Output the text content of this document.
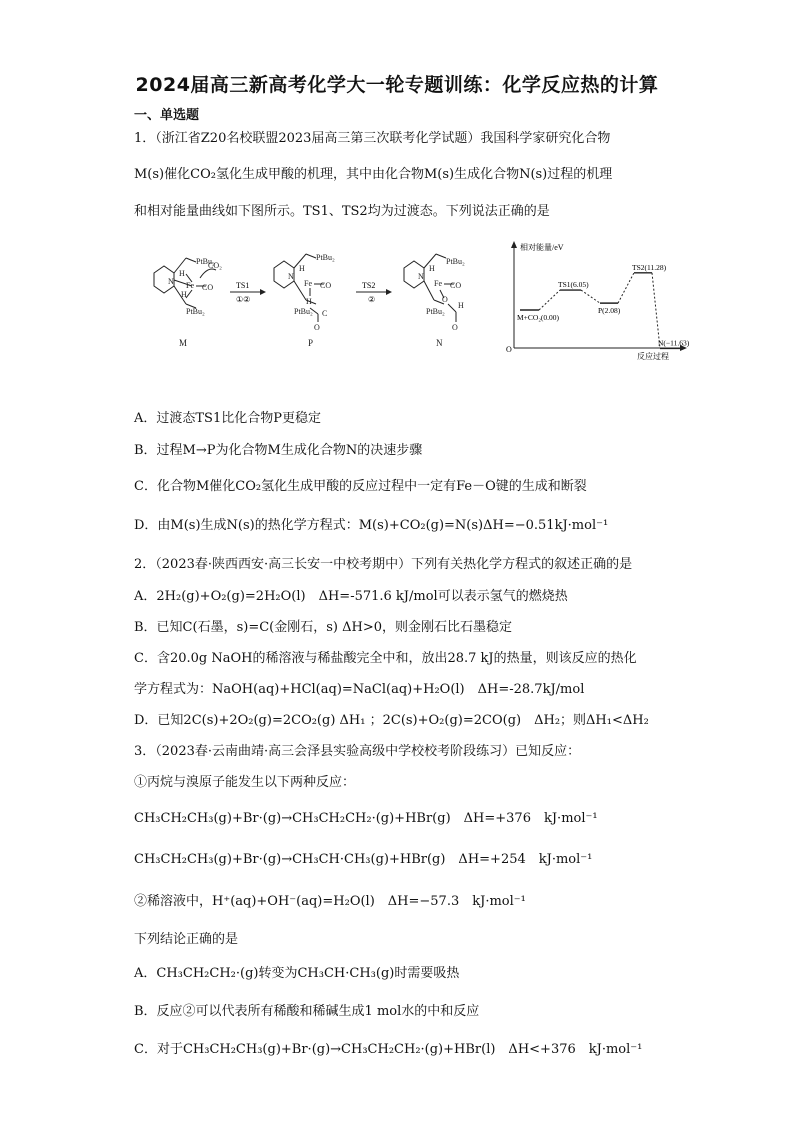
2024届高三新高考化学大一轮专题训练：化学反应热的计算
一、单选题
1．（浙江省Z20名校联盟2023届高三第三次联考化学试题）我国科学家研究化合物
M(s)催化CO₂氢化生成甲酸的机理，其中由化合物M(s)生成化合物N(s)过程的机理
和相对能量曲线如下图所示。TS1、TS2均为过渡态。下列说法正确的是
PtBu₂
H
N Fe CO
H
CO₂
PtBu₂
M
TS1
①②
PtBu₂
H
N
Fe CO
H
PtBu₂ C
O
P
TS2
②
PtBu₂
H
N
Fe CO
O
PtBu₂
H
O
N
相对能量/eV
反应过程
O
M+CO₂(0.00)
TS1(6.05)
P(2.08)
TS2(11.28)
N(−11.63)
A．过渡态TS1比化合物P更稳定
B．过程M→P为化合物M生成化合物N的决速步骤
C．化合物M催化CO₂氢化生成甲酸的反应过程中一定有Fe－O键的生成和断裂
D．由M(s)生成N(s)的热化学方程式：M(s)+CO₂(g)=N(s)ΔH=−0.51kJ·mol⁻¹
2．（2023春·陕西西安·高三长安一中校考期中）下列有关热化学方程式的叙述正确的是
A．2H₂(g)+O₂(g)=2H₂O(l)　ΔH=-571.6 kJ/mol可以表示氢气的燃烧热
B．已知C(石墨，s)=C(金刚石，s) ΔH>0，则金刚石比石墨稳定
C．含20.0g NaOH的稀溶液与稀盐酸完全中和，放出28.7 kJ的热量，则该反应的热化
学方程式为：NaOH(aq)+HCl(aq)=NaCl(aq)+H₂O(l)　ΔH=-28.7kJ/mol
D．已知2C(s)+2O₂(g)=2CO₂(g) ΔH₁ ；2C(s)+O₂(g)=2CO(g)　ΔH₂；则ΔH₁<ΔH₂
3．（2023春·云南曲靖·高三会泽县实验高级中学校校考阶段练习）已知反应：
①丙烷与溴原子能发生以下两种反应：
CH₃CH₂CH₃(g)+Br·(g)→CH₃CH₂CH₂·(g)+HBr(g)　ΔH=+376　kJ·mol⁻¹
CH₃CH₂CH₃(g)+Br·(g)→CH₃CH·CH₃(g)+HBr(g)　ΔH=+254　kJ·mol⁻¹
②稀溶液中，H⁺(aq)+OH⁻(aq)=H₂O(l)　ΔH=−57.3　kJ·mol⁻¹
下列结论正确的是
A．CH₃CH₂CH₂·(g)转变为CH₃CH·CH₃(g)时需要吸热
B．反应②可以代表所有稀酸和稀碱生成1 mol水的中和反应
C．对于CH₃CH₂CH₃(g)+Br·(g)→CH₃CH₂CH₂·(g)+HBr(l)　ΔH<+376　kJ·mol⁻¹
